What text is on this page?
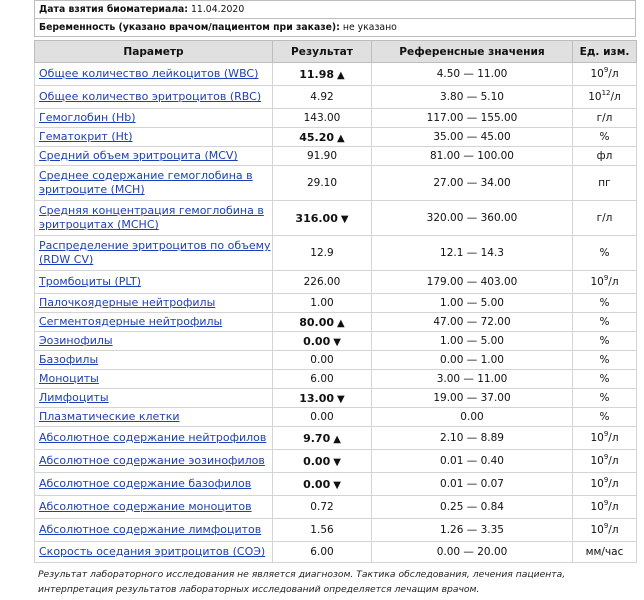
Дата взятия биоматериала: 11.04.2020
Беременность (указано врачом/пациентом при заказе): не указано
Параметр	Результат	Референсные значения	Ед. изм.
Общее количество лейкоцитов (WBC)	11.98 ▲	4.50 — 11.00	$10^9/л$
Общее количество эритроцитов (RBC)	4.92	3.80 — 5.10	$10^{12}/л$
Гемоглобин (Hb)	143.00	117.00 — 155.00	г/л
Гематокрит (Ht)	45.20 ▲	35.00 — 45.00	%
Средний объем эритроцита (MCV)	91.90	81.00 — 100.00	фл
Среднее содержание гемоглобина в эритроците (MCH)	29.10	27.00 — 34.00	пг
Средняя концентрация гемоглобина в эритроцитах (MCHC)	316.00 ▼	320.00 — 360.00	г/л
Распределение эритроцитов по объему (RDW CV)	12.9	12.1 — 14.3	%
Тромбоциты (PLT)	226.00	179.00 — 403.00	$10^9/л$
Палочкоядерные нейтрофилы	1.00	1.00 — 5.00	%
Сегментоядерные нейтрофилы	80.00 ▲	47.00 — 72.00	%
Эозинофилы	0.00 ▼	1.00 — 5.00	%
Базофилы	0.00	0.00 — 1.00	%
Моноциты	6.00	3.00 — 11.00	%
Лимфоциты	13.00 ▼	19.00 — 37.00	%
Плазматические клетки	0.00	0.00	%
Абсолютное содержание нейтрофилов	9.70 ▲	2.10 — 8.89	$10^9/л$
Абсолютное содержание эозинофилов	0.00 ▼	0.01 — 0.40	$10^9/л$
Абсолютное содержание базофилов	0.00 ▼	0.01 — 0.07	$10^9/л$
Абсолютное содержание моноцитов	0.72	0.25 — 0.84	$10^9/л$
Абсолютное содержание лимфоцитов	1.56	1.26 — 3.35	$10^9/л$
Скорость оседания эритроцитов (СОЭ)	6.00	0.00 — 20.00	мм/час
Результат лабораторного исследования не является диагнозом. Тактика обследования, лечения пациента, интерпретация результатов лабораторных исследований определяется лечащим врачом.
